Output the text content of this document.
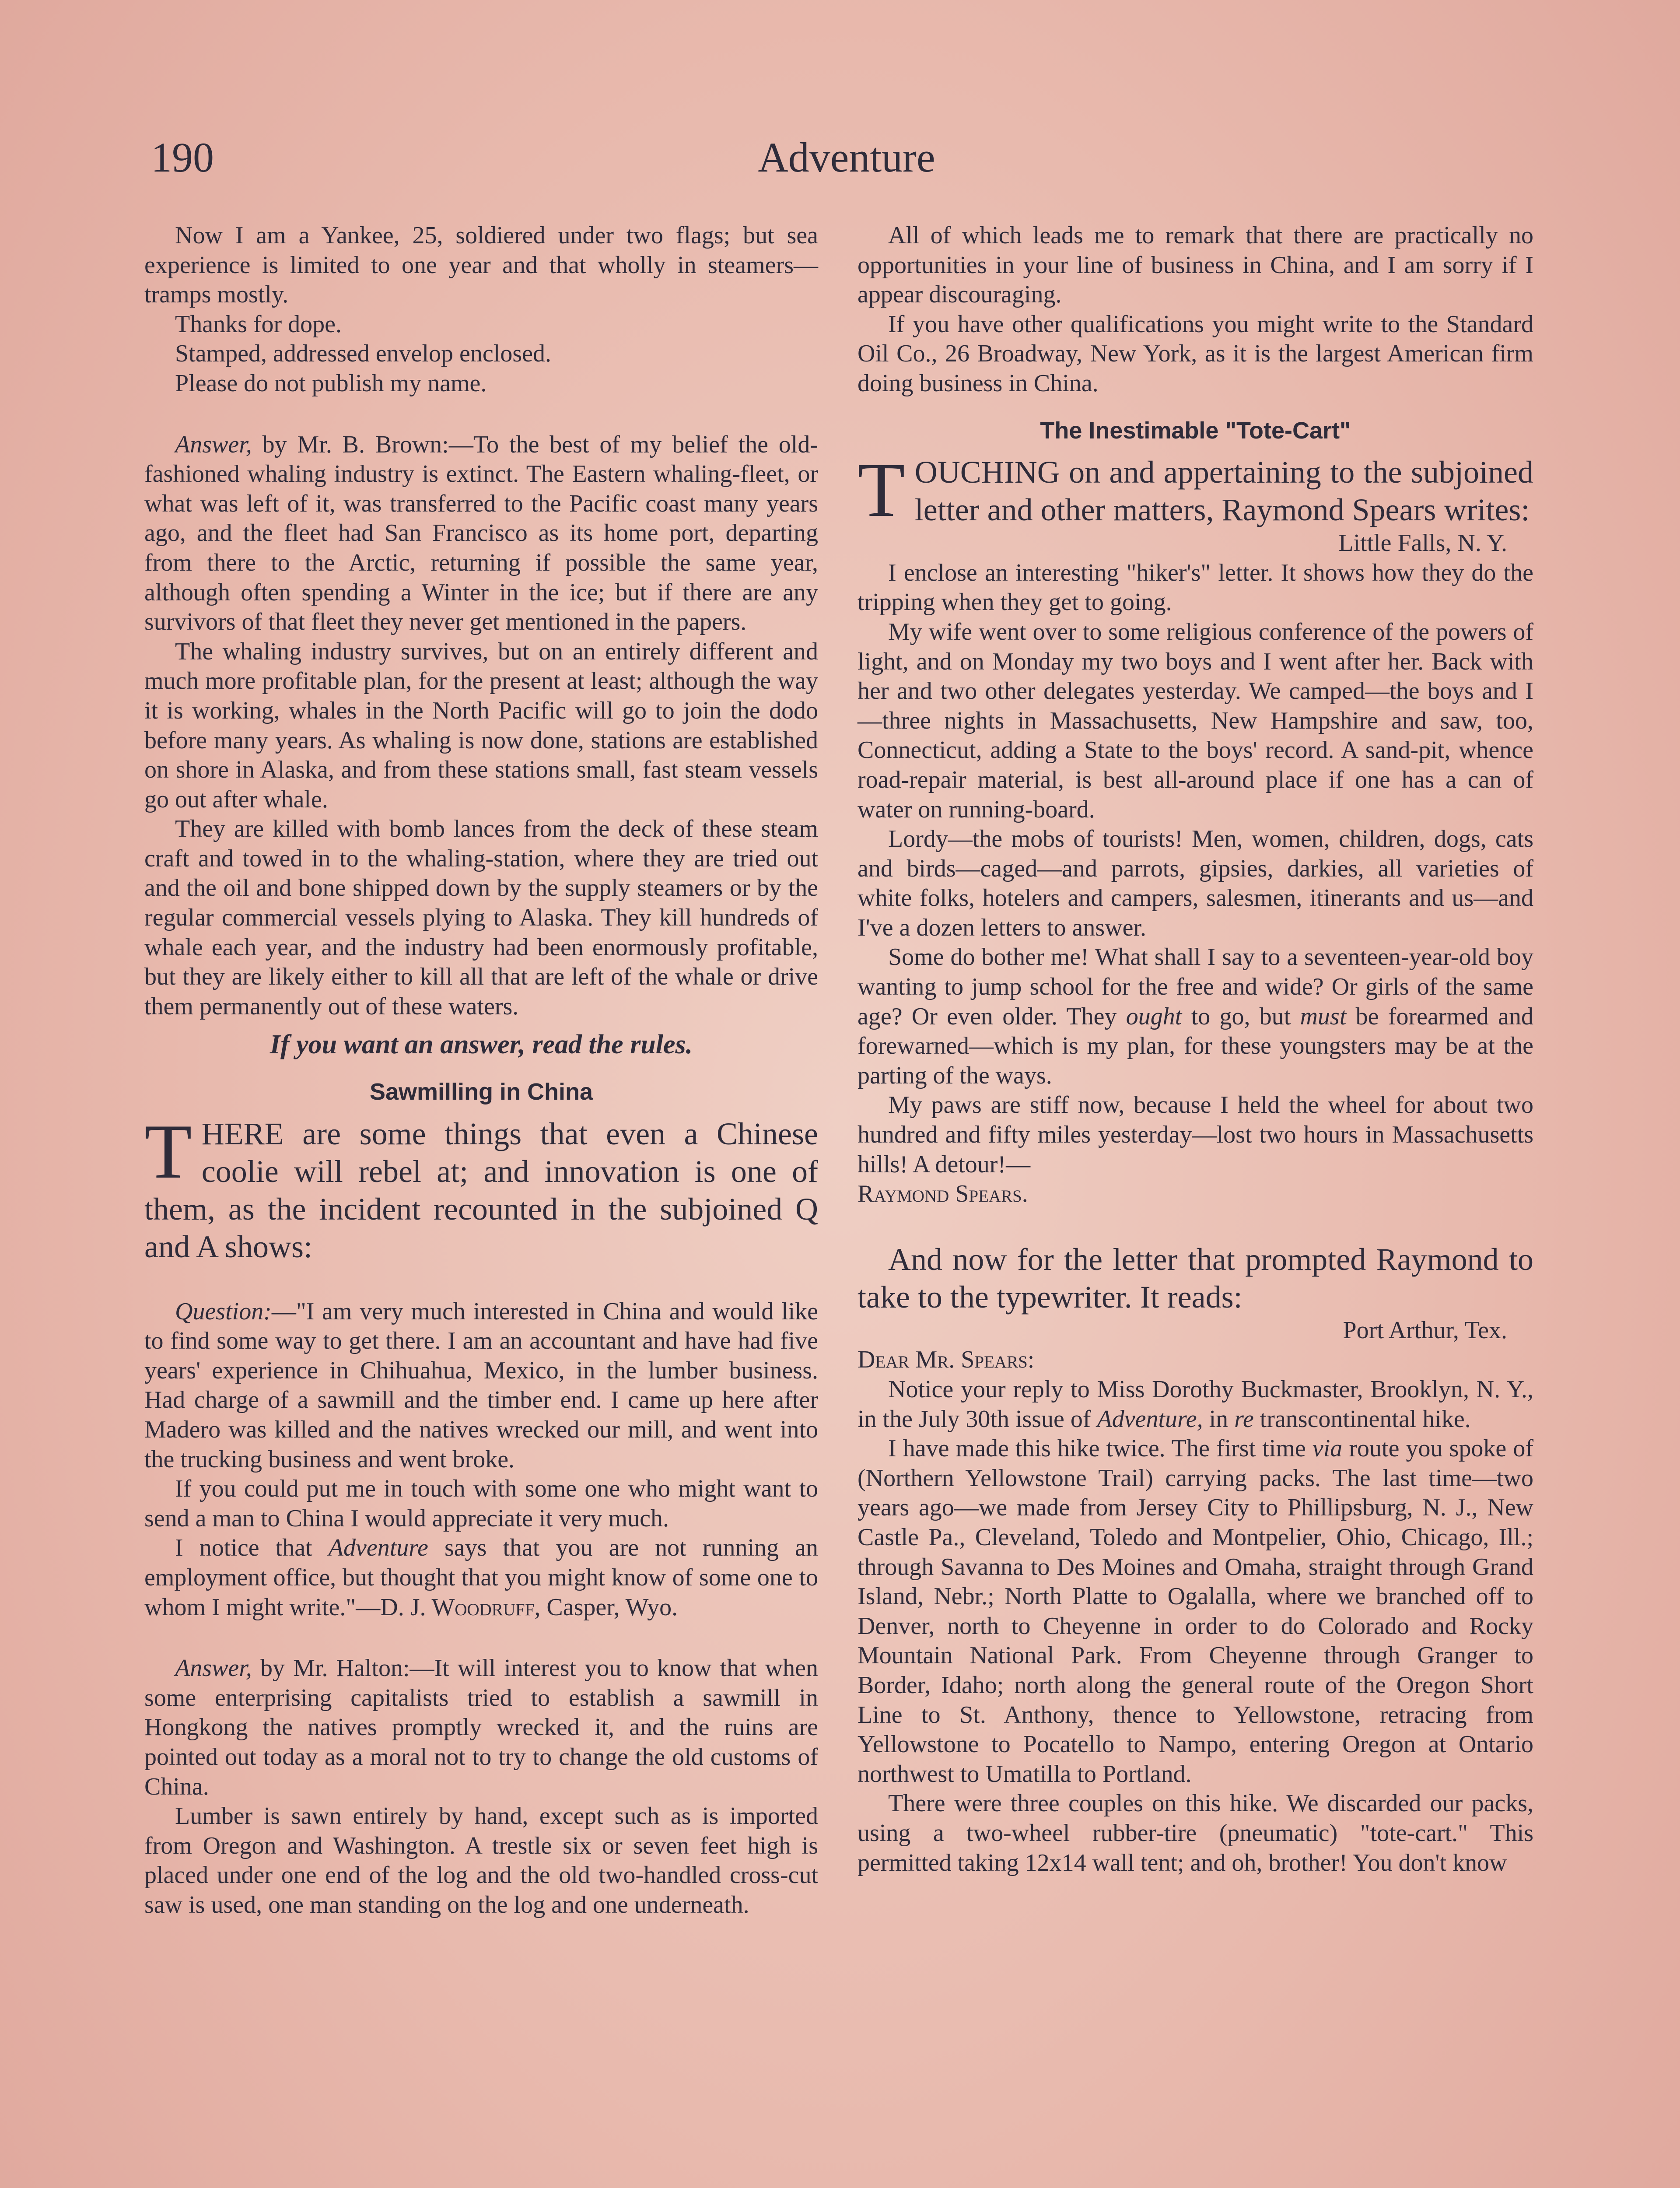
190	Adventure

Now I am a Yankee, 25, soldiered under two flags; but sea experience is limited to one year and that wholly in steamers—tramps mostly.

Thanks for dope.

Stamped, addressed envelop enclosed.

Please do not publish my name.

Answer, by Mr. B. Brown:—To the best of my belief the old-fashioned whaling industry is extinct. The Eastern whaling-fleet, or what was left of it, was transferred to the Pacific coast many years ago, and the fleet had San Francisco as its home port, departing from there to the Arctic, returning if possible the same year, although often spending a Winter in the ice; but if there are any survivors of that fleet they never get mentioned in the papers.

The whaling industry survives, but on an entirely different and much more profitable plan, for the present at least; although the way it is working, whales in the North Pacific will go to join the dodo before many years. As whaling is now done, stations are established on shore in Alaska, and from these stations small, fast steam vessels go out after whale.

They are killed with bomb lances from the deck of these steam craft and towed in to the whaling-station, where they are tried out and the oil and bone shipped down by the supply steamers or by the regular commercial vessels plying to Alaska. They kill hundreds of whale each year, and the industry had been enormously profitable, but they are likely either to kill all that are left of the whale or drive them permanently out of these waters.

If you want an answer, read the rules.

Sawmilling in China

THERE are some things that even a Chinese coolie will rebel at; and innovation is one of them, as the incident recounted in the subjoined Q and A shows:

Question:—"I am very much interested in China and would like to find some way to get there. I am an accountant and have had five years' experience in Chihuahua, Mexico, in the lumber business. Had charge of a sawmill and the timber end. I came up here after Madero was killed and the natives wrecked our mill, and went into the trucking business and went broke.

If you could put me in touch with some one who might want to send a man to China I would appreciate it very much.

I notice that Adventure says that you are not running an employment office, but thought that you might know of some one to whom I might write."—D. J. Woodruff, Casper, Wyo.

Answer, by Mr. Halton:—It will interest you to know that when some enterprising capitalists tried to establish a sawmill in Hongkong the natives promptly wrecked it, and the ruins are pointed out today as a moral not to try to change the old customs of China.

Lumber is sawn entirely by hand, except such as is imported from Oregon and Washington. A trestle six or seven feet high is placed under one end of the log and the old two-handled cross-cut saw is used, one man standing on the log and one underneath.

All of which leads me to remark that there are practically no opportunities in your line of business in China, and I am sorry if I appear discouraging.

If you have other qualifications you might write to the Standard Oil Co., 26 Broadway, New York, as it is the largest American firm doing business in China.

The Inestimable "Tote-Cart"

TOUCHING on and appertaining to the subjoined letter and other matters, Raymond Spears writes:

Little Falls, N. Y.

I enclose an interesting "hiker's" letter. It shows how they do the tripping when they get to going.

My wife went over to some religious conference of the powers of light, and on Monday my two boys and I went after her. Back with her and two other delegates yesterday. We camped—the boys and I—three nights in Massachusetts, New Hampshire and saw, too, Connecticut, adding a State to the boys' record. A sand-pit, whence road-repair material, is best all-around place if one has a can of water on running-board.

Lordy—the mobs of tourists! Men, women, children, dogs, cats and birds—caged—and parrots, gipsies, darkies, all varieties of white folks, hotelers and campers, salesmen, itinerants and us—and I've a dozen letters to answer.

Some do bother me! What shall I say to a seventeen-year-old boy wanting to jump school for the free and wide? Or girls of the same age? Or even older. They ought to go, but must be forearmed and forewarned—which is my plan, for these youngsters may be at the parting of the ways.

My paws are stiff now, because I held the wheel for about two hundred and fifty miles yesterday—lost two hours in Massachusetts hills! A detour!—
Raymond Spears.

And now for the letter that prompted Raymond to take to the typewriter. It reads:

Port Arthur, Tex.

Dear Mr. Spears:

Notice your reply to Miss Dorothy Buckmaster, Brooklyn, N. Y., in the July 30th issue of Adventure, in re transcontinental hike.

I have made this hike twice. The first time via route you spoke of (Northern Yellowstone Trail) carrying packs. The last time—two years ago—we made from Jersey City to Phillipsburg, N. J., New Castle Pa., Cleveland, Toledo and Montpelier, Ohio, Chicago, Ill.; through Savanna to Des Moines and Omaha, straight through Grand Island, Nebr.; North Platte to Ogalalla, where we branched off to Denver, north to Cheyenne in order to do Colorado and Rocky Mountain National Park. From Cheyenne through Granger to Border, Idaho; north along the general route of the Oregon Short Line to St. Anthony, thence to Yellowstone, retracing from Yellowstone to Pocatello to Nampo, entering Oregon at Ontario northwest to Umatilla to Portland.

There were three couples on this hike. We discarded our packs, using a two-wheel rubber-tire (pneumatic) "tote-cart." This permitted taking 12x14 wall tent; and oh, brother! You don't know
